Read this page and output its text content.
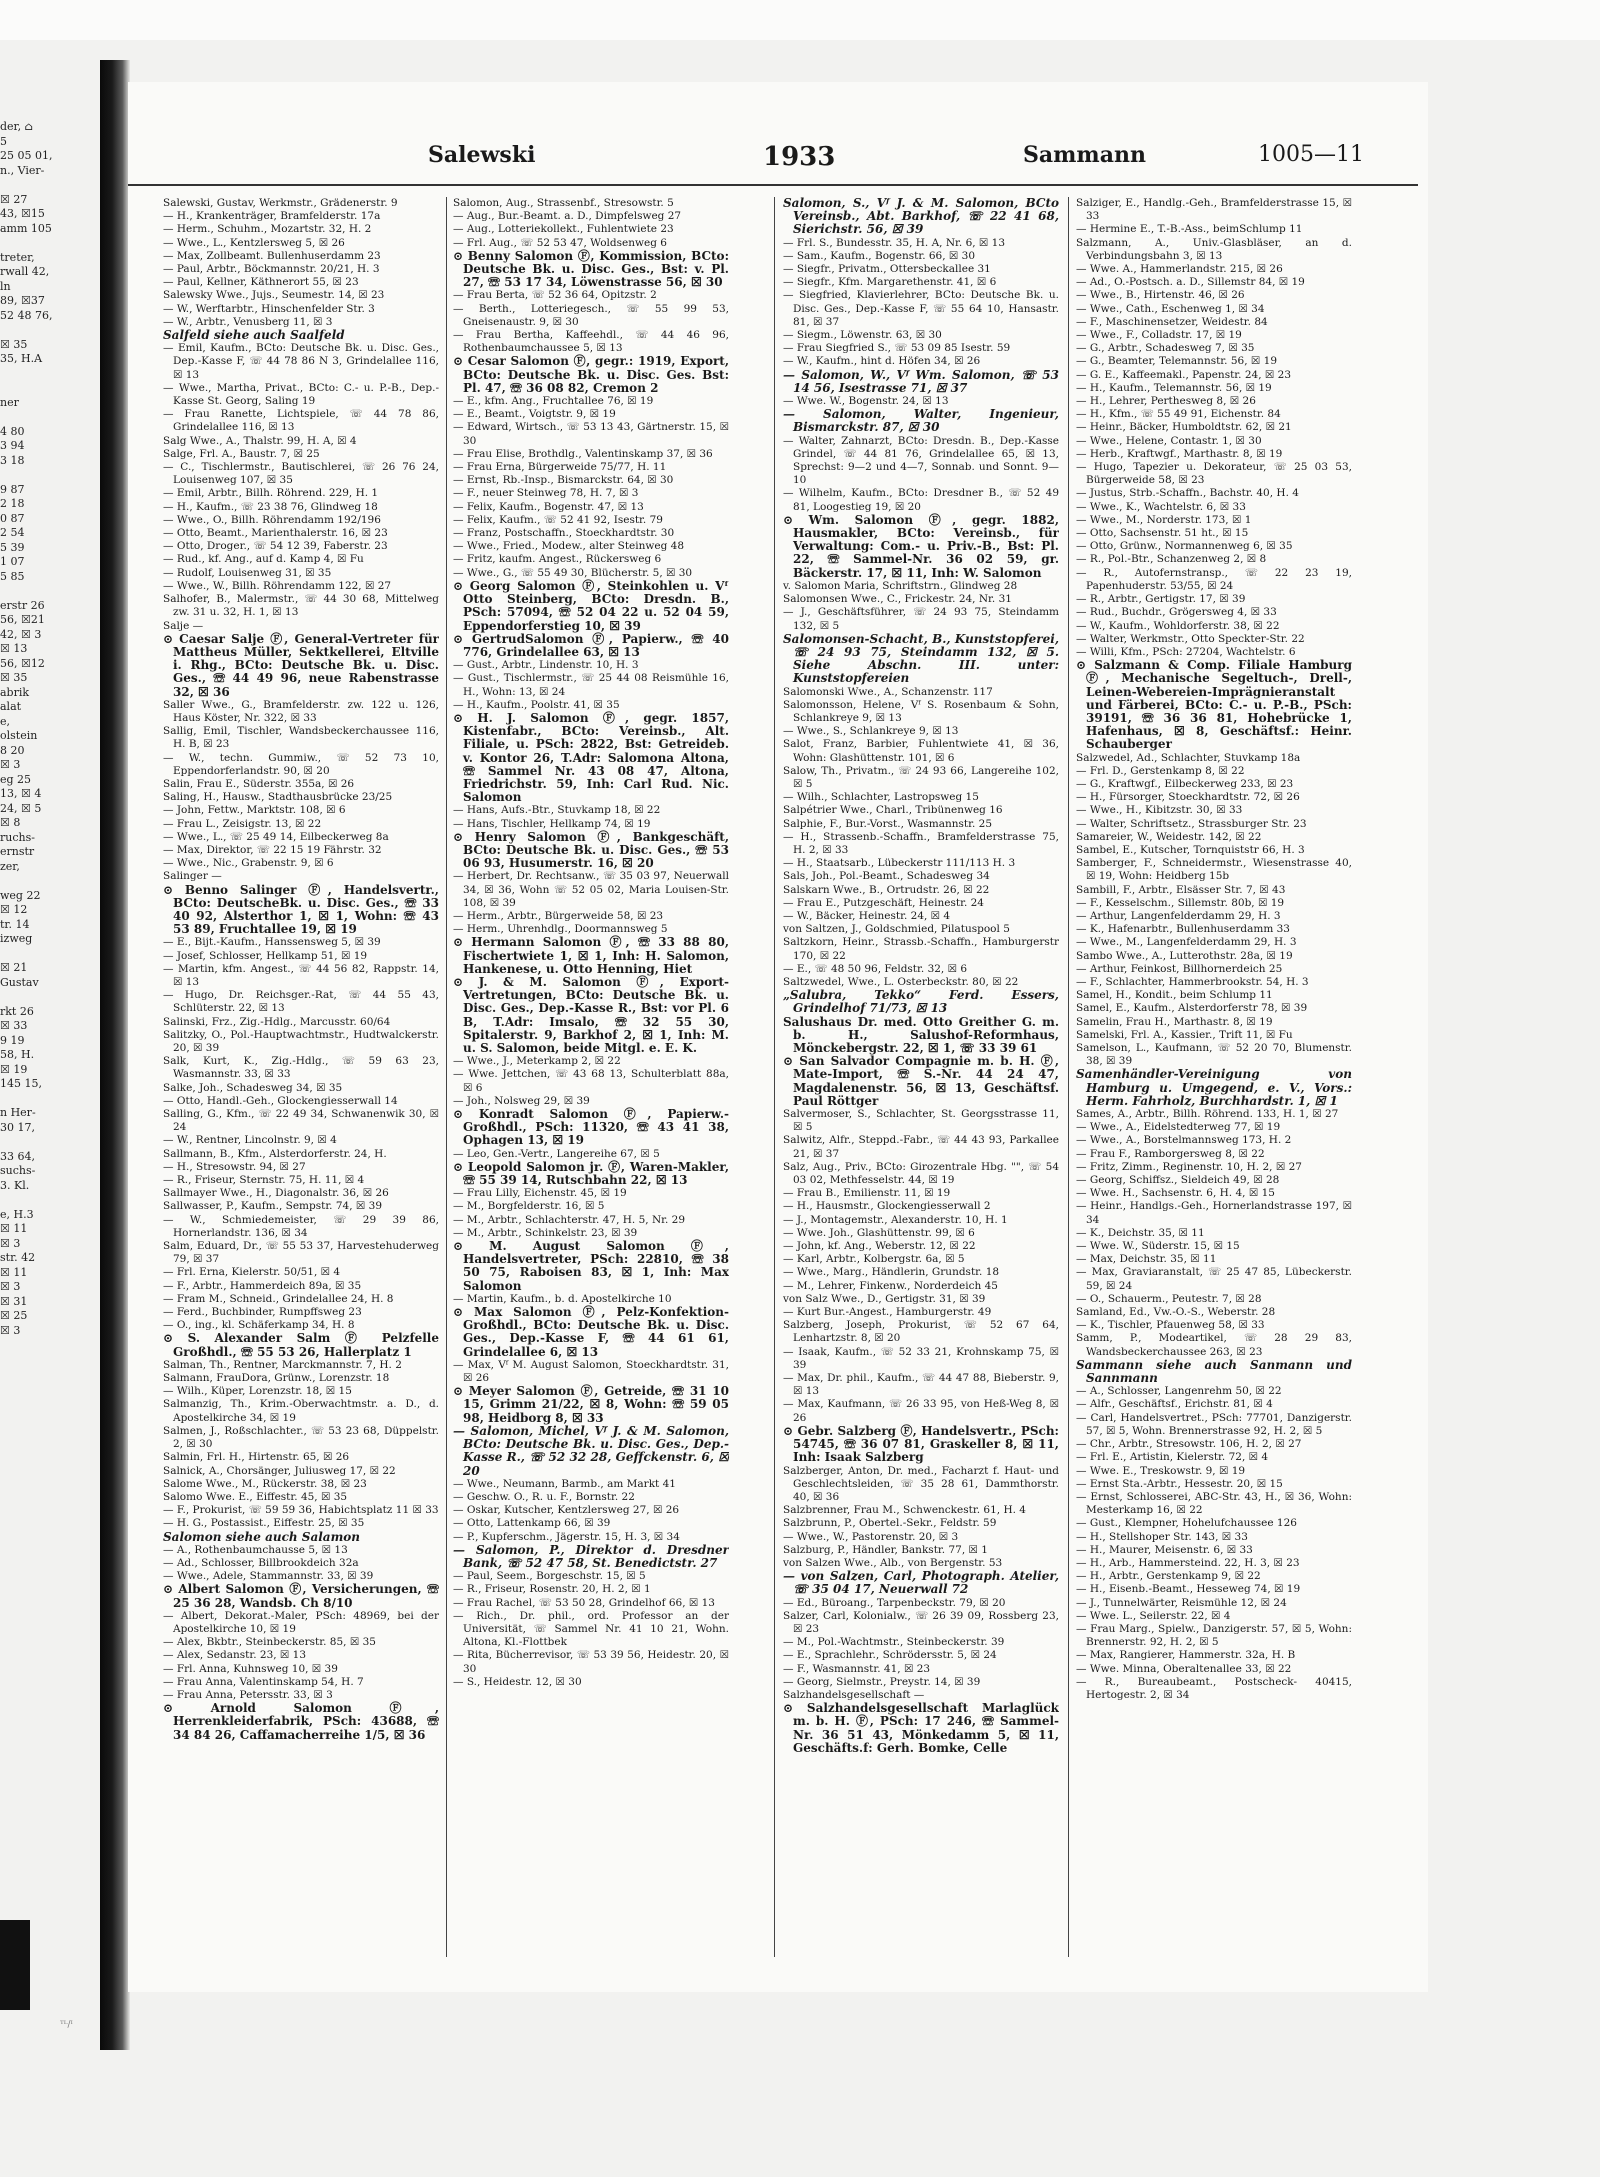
der, ⌂
5
25 05 01,
n., Vier-

☒ 27
43, ☒15
amm 105

treter,
rwall 42,
ln
89, ☒37
52 48 76,

☒ 35
35, H.A

ner

4 80
3 94
3 18

9 87
2 18
0 87
2 54
5 39
1 07
5 85

erstr 26
56, ☒21
42, ☒ 3
☒ 13
56, ☒12
☒ 35
abrik
alat
e,
olstein
8 20
☒ 3
eg 25
13, ☒ 4
24, ☒ 5
☒ 8
ruchs-
ernstr
zer,

weg 22
☒ 12
tr. 14
izweg

☒ 21
Gustav

rkt 26
☒ 33
9 19
58, H.
☒ 19
145 15,

n Her-
30 17,

33 64,
suchs-
3. Kl.

e, H.3
☒ 11
☒ 3
str. 42
☒ 11
☒ 3
☒ 31
☒ 25
☒ 3
Salewski	1933	Sammann	1005—11

Salewski, Gustav, Werkmstr., Grädenerstr. 9

— H., Krankenträger, Bramfelderstr. 17a

— Herm., Schuhm., Mozartstr. 32, H. 2

— Wwe., L., Kentzlersweg 5, ☒ 26

— Max, Zollbeamt. Bullenhuserdamm 23

— Paul, Arbtr., Böckmannstr. 20/21, H. 3

— Paul, Kellner, Käthnerort 55, ☒ 23

Salewsky Wwe., Jujs., Seumestr. 14, ☒ 23

— W., Werftarbtr., Hinschenfelder Str. 3

— W., Arbtr., Venusberg 11, ☒ 3

Salfeld siehe auch Saalfeld

— Emil, Kaufm., BCto: Deutsche Bk. u. Disc. Ges., Dep.-Kasse F, ☏ 44 78 86 N 3, Grindelallee 116, ☒ 13

— Wwe., Martha, Privat., BCto: C.- u. P.-B., Dep.-Kasse St. Georg, Saling 19

— Frau Ranette, Lichtspiele, ☏ 44 78 86, Grindelallee 116, ☒ 13

Salg Wwe., A., Thalstr. 99, H. A, ☒ 4

Salge, Frl. A., Baustr. 7, ☒ 25

— C., Tischlermstr., Bautischlerei, ☏ 26 76 24, Louisenweg 107, ☒ 35

— Emil, Arbtr., Billh. Röhrend. 229, H. 1

— H., Kaufm., ☏ 23 38 76, Glindweg 18

— Wwe., O., Billh. Röhrendamm 192/196

— Otto, Beamt., Marienthalerstr. 16, ☒ 23

— Otto, Droger., ☏ 54 12 39, Faberstr. 23

— Rud., kf. Ang., auf d. Kamp 4, ☒ Fu

— Rudolf, Louisenweg 31, ☒ 35

— Wwe., W., Billh. Röhrendamm 122, ☒ 27

Salhofer, B., Malermstr., ☏ 44 30 68, Mittelweg zw. 31 u. 32, H. 1, ☒ 13

Salje —

⊙ Caesar Salje Ⓕ, General-Vertreter für Mattheus Müller, Sektkellerei, Eltville i. Rhg., BCto: Deutsche Bk. u. Disc. Ges., ☏ 44 49 96, neue Rabenstrasse 32, ☒ 36

Saller Wwe., G., Bramfelderstr. zw. 122 u. 126, Haus Köster, Nr. 322, ☒ 33

Sallig, Emil, Tischler, Wandsbeckerchaussee 116, H. B, ☒ 23

— W., techn. Gummiw., ☏ 52 73 10, Eppendorferlandstr. 90, ☒ 20

Salin, Frau E., Süderstr. 355a, ☒ 26

Saling, H., Hausw., Stadthausbrücke 23/25

— John, Fettw., Marktstr. 108, ☒ 6

— Frau L., Zeisigstr. 13, ☒ 22

— Wwe., L., ☏ 25 49 14, Eilbeckerweg 8a

— Max, Direktor, ☏ 22 15 19 Fährstr. 32

— Wwe., Nic., Grabenstr. 9, ☒ 6

Salinger —

⊙ Benno Salinger Ⓕ, Handelsvertr., BCto: DeutscheBk. u. Disc. Ges., ☏ 33 40 92, Alsterthor 1, ☒ 1, Wohn: ☏ 43 53 89, Fruchtallee 19, ☒ 19

— E., Bijt.-Kaufm., Hanssensweg 5, ☒ 39

— Josef, Schlosser, Hellkamp 51, ☒ 19

— Martin, kfm. Angest., ☏ 44 56 82, Rappstr. 14, ☒ 13

— Hugo, Dr. Reichsger.-Rat, ☏ 44 55 43, Schlüterstr. 22, ☒ 13

Salinski, Frz., Zig.-Hdlg., Marcusstr. 60/64

Salitzky, O., Pol.-Hauptwachtmstr., Hudtwalckerstr. 20, ☒ 39

Salk, Kurt, K., Zig.-Hdlg., ☏ 59 63 23, Wasmannstr. 33, ☒ 33

Salke, Joh., Schadesweg 34, ☒ 35

— Otto, Handl.-Geh., Glockengiesserwall 14

Salling, G., Kfm., ☏ 22 49 34, Schwanenwik 30, ☒ 24

— W., Rentner, Lincolnstr. 9, ☒ 4

Sallmann, B., Kfm., Alsterdorferstr. 24, H.

— H., Stresowstr. 94, ☒ 27

— R., Friseur, Sternstr. 75, H. 11, ☒ 4

Sallmayer Wwe., H., Diagonalstr. 36, ☒ 26

Sallwasser, P., Kaufm., Sempstr. 74, ☒ 39

— W., Schmiedemeister, ☏ 29 39 86, Hornerlandstr. 136, ☒ 34

Salm, Eduard, Dr., ☏ 55 53 37, Harvestehuderweg 79, ☒ 37

— Frl. Erna, Kielerstr. 50/51, ☒ 4

— F., Arbtr., Hammerdeich 89a, ☒ 35

— Fram M., Schneid., Grindelallee 24, H. 8

— Ferd., Buchbinder, Rumpffsweg 23

— O., ing., kl. Schäferkamp 34, H. 8

⊙ S. Alexander Salm Ⓕ Pelzfelle Großhdl., ☏ 55 53 26, Hallerplatz 1

Salman, Th., Rentner, Marckmannstr. 7, H. 2

Salmann, FrauDora, Grünw., Lorenzstr. 18

— Wilh., Küper, Lorenzstr. 18, ☒ 15

Salmanzig, Th., Krim.-Oberwachtmstr. a. D., d. Apostelkirche 34, ☒ 19

Salmen, J., Roßschlachter., ☏ 53 23 68, Düppelstr. 2, ☒ 30

Salmin, Frl. H., Hirtenstr. 65, ☒ 26

Salnick, A., Chorsänger, Juliusweg 17, ☒ 22

Salome Wwe., M., Rückerstr. 38, ☒ 23

Salomo Wwe. E., Eiffestr. 45, ☒ 35

— F., Prokurist, ☏ 59 59 36, Habichtsplatz 11 ☒ 33

— H. G., Postassist., Eiffestr. 25, ☒ 35

Salomon siehe auch Salamon

— A., Rothenbaumchausse 5, ☒ 13

— Ad., Schlosser, Billbrookdeich 32a

— Wwe., Adele, Stammannstr. 33, ☒ 39

⊙ Albert Salomon Ⓕ, Versicherungen, ☏ 25 36 28, Wandsb. Ch 8/10

— Albert, Dekorat.-Maler, PSch: 48969, bei der Apostelkirche 10, ☒ 19

— Alex, Bkbtr., Steinbeckerstr. 85, ☒ 35

— Alex, Sedanstr. 23, ☒ 13

— Frl. Anna, Kuhnsweg 10, ☒ 39

— Frau Anna, Valentinskamp 54, H. 7

— Frau Anna, Petersstr. 33, ☒ 3

⊙ Arnold Salomon Ⓕ, Herrenkleiderfabrik, PSch: 43688, ☏ 34 84 26, Caffamacherreihe 1/5, ☒ 36

Salomon, Aug., Strassenbf., Stresowstr. 5

— Aug., Bur.-Beamt. a. D., Dimpfelsweg 27

— Aug., Lotteriekollekt., Fuhlentwiete 23

— Frl. Aug., ☏ 52 53 47, Woldsenweg 6

⊙ Benny Salomon Ⓕ, Kommission, BCto: Deutsche Bk. u. Disc. Ges., Bst: v. Pl. 27, ☏ 53 17 34, Löwenstrasse 56, ☒ 30

— Frau Berta, ☏ 52 36 64, Opitzstr. 2

— Berth., Lotteriegesch., ☏ 55 99 53, Gneisenaustr. 9, ☒ 30

— Frau Bertha, Kaffeehdl., ☏ 44 46 96, Rothenbaumchaussee 5, ☒ 13

⊙ Cesar Salomon Ⓕ, gegr.: 1919, Export, BCto: Deutsche Bk. u. Disc. Ges. Bst: Pl. 47, ☏ 36 08 82, Cremon 2

— E., kfm. Ang., Fruchtallee 76, ☒ 19

— E., Beamt., Voigtstr. 9, ☒ 19

— Edward, Wirtsch., ☏ 53 13 43, Gärtnerstr. 15, ☒ 30

— Frau Elise, Brothdlg., Valentinskamp 37, ☒ 36

— Frau Erna, Bürgerweide 75/77, H. 11

— Ernst, Rb.-Insp., Bismarckstr. 64, ☒ 30

— F., neuer Steinweg 78, H. 7, ☒ 3

— Felix, Kaufm., Bogenstr. 47, ☒ 13

— Felix, Kaufm., ☏ 52 41 92, Isestr. 79

— Franz, Postschaffn., Stoeckhardtstr. 30

— Wwe., Fried., Modew., alter Steinweg 48

— Fritz, kaufm. Angest., Rückersweg 6

— Wwe., G., ☏ 55 49 30, Blücherstr. 5, ☒ 30

⊙ Georg Salomon Ⓕ, Steinkohlen u. Vᶠ Otto Steinberg, BCto: Dresdn. B., PSch: 57094, ☏ 52 04 22 u. 52 04 59, Eppendorferstieg 10, ☒ 39

⊙ GertrudSalomon Ⓕ, Papierw., ☏ 40 776, Grindelallee 63, ☒ 13

— Gust., Arbtr., Lindenstr. 10, H. 3

— Gust., Tischlermstr., ☏ 25 44 08 Reismühle 16, H., Wohn: 13, ☒ 24

— H., Kaufm., Poolstr. 41, ☒ 35

⊙ H. J. Salomon Ⓕ, gegr. 1857, Kistenfabr., BCto: Vereinsb., Alt. Filiale, u. PSch: 2822, Bst: Getreideb. v. Kontor 26, T.Adr: Salomona Altona, ☏ Sammel Nr. 43 08 47, Altona, Friedrichstr. 59, Inh: Carl Rud. Nic. Salomon

— Hans, Aufs.-Btr., Stuvkamp 18, ☒ 22

— Hans, Tischler, Hellkamp 74, ☒ 19

⊙ Henry Salomon Ⓕ, Bankgeschäft, BCto: Deutsche Bk. u. Disc. Ges., ☏ 53 06 93, Husumerstr. 16, ☒ 20

— Herbert, Dr. Rechtsanw., ☏ 35 03 97, Neuerwall 34, ☒ 36, Wohn ☏ 52 05 02, Maria Louisen-Str. 108, ☒ 39

— Herm., Arbtr., Bürgerweide 58, ☒ 23

— Herm., Uhrenhdlg., Doormannsweg 5

⊙ Hermann Salomon Ⓕ, ☏ 33 88 80, Fischertwiete 1, ☒ 1, Inh: H. Salomon, Hankenese, u. Otto Henning, Hiet

⊙ J. & M. Salomon Ⓕ, Export-Vertretungen, BCto: Deutsche Bk. u. Disc. Ges., Dep.-Kasse R., Bst: vor Pl. 6 B, T.Adr: Imsalo, ☏ 32 55 30, Spitalerstr. 9, Barkhof 2, ☒ 1, Inh: M. u. S. Salomon, beide Mitgl. e. E. K.

— Wwe., J., Meterkamp 2, ☒ 22

— Wwe. Jettchen, ☏ 43 68 13, Schulterblatt 88a, ☒ 6

— Joh., Nolsweg 29, ☒ 39

⊙ Konradt Salomon Ⓕ, Papierw.-Großhdl., PSch: 11320, ☏ 43 41 38, Ophagen 13, ☒ 19

— Leo, Gen.-Vertr., Langereihe 67, ☒ 5

⊙ Leopold Salomon jr. Ⓕ, Waren-Makler, ☏ 55 39 14, Rutschbahn 22, ☒ 13

— Frau Lilly, Eichenstr. 45, ☒ 19

— M., Borgfelderstr. 16, ☒ 5

— M., Arbtr., Schlachterstr. 47, H. 5, Nr. 29

— M., Arbtr., Schinkelstr. 23, ☒ 39

⊙ M. August Salomon Ⓕ, Handelsvertreter, PSch: 22810, ☏ 38 50 75, Raboisen 83, ☒ 1, Inh: Max Salomon

— Martin, Kaufm., b. d. Apostelkirche 10

⊙ Max Salomon Ⓕ, Pelz-Konfektion-Großhdl., BCto: Deutsche Bk. u. Disc. Ges., Dep.-Kasse F, ☏ 44 61 61, Grindelallee 6, ☒ 13

— Max, Vᶠ M. August Salomon, Stoeckhardtstr. 31, ☒ 26

⊙ Meyer Salomon Ⓕ, Getreide, ☏ 31 10 15, Grimm 21/22, ☒ 8, Wohn: ☏ 59 05 98, Heidborg 8, ☒ 33

— Salomon, Michel, Vᶠ J. & M. Salomon, BCto: Deutsche Bk. u. Disc. Ges., Dep.-Kasse R., ☏ 52 32 28, Geffckenstr. 6, ☒ 20

— Wwe., Neumann, Barmb., am Markt 41

— Geschw. O., R. u. F., Bornstr. 22

— Oskar, Kutscher, Kentzlersweg 27, ☒ 26

— Otto, Lattenkamp 66, ☒ 39

— P., Kupferschm., Jägerstr. 15, H. 3, ☒ 34

— Salomon, P., Direktor d. Dresdner Bank, ☏ 52 47 58, St. Benedictstr. 27

— Paul, Seem., Borgeschstr. 15, ☒ 5

— R., Friseur, Rosenstr. 20, H. 2, ☒ 1

— Frau Rachel, ☏ 53 50 28, Grindelhof 66, ☒ 13

— Rich., Dr. phil., ord. Professor an der Universität, ☏ Sammel Nr. 41 10 21, Wohn. Altona, Kl.-Flottbek

— Rita, Bücherrevisor, ☏ 53 39 56, Heidestr. 20, ☒ 30

— S., Heidestr. 12, ☒ 30

Salomon, S., Vᶠ J. & M. Salomon, BCto Vereinsb., Abt. Barkhof, ☏ 22 41 68, Sierichstr. 56, ☒ 39

— Frl. S., Bundesstr. 35, H. A, Nr. 6, ☒ 13

— Sam., Kaufm., Bogenstr. 66, ☒ 30

— Siegfr., Privatm., Ottersbeckallee 31

— Siegfr., Kfm. Margarethenstr. 41, ☒ 6

— Siegfried, Klavierlehrer, BCto: Deutsche Bk. u. Disc. Ges., Dep.-Kasse F, ☏ 55 64 10, Hansastr. 81, ☒ 37

— Siegm., Löwenstr. 63, ☒ 30

— Frau Siegfried S., ☏ 53 09 85 Isestr. 59

— W., Kaufm., hint d. Höfen 34, ☒ 26

— Salomon, W., Vᶠ Wm. Salomon, ☏ 53 14 56, Isestrasse 71, ☒ 37

— Wwe. W., Bogenstr. 24, ☒ 13

— Salomon, Walter, Ingenieur, Bismarckstr. 87, ☒ 30

— Walter, Zahnarzt, BCto: Dresdn. B., Dep.-Kasse Grindel, ☏ 44 81 76, Grindelallee 65, ☒ 13, Sprechst: 9—2 und 4—7, Sonnab. und Sonnt. 9—10

— Wilhelm, Kaufm., BCto: Dresdner B., ☏ 52 49 81, Loogestieg 19, ☒ 20

⊙ Wm. Salomon Ⓕ, gegr. 1882, Hausmakler, BCto: Vereinsb., für Verwaltung: Com.- u. Priv.-B., Bst: Pl. 22, ☏ Sammel-Nr. 36 02 59, gr. Bäckerstr. 17, ☒ 11, Inh: W. Salomon

v. Salomon Maria, Schriftstrn., Glindweg 28

Salomonsen Wwe., C., Frickestr. 24, Nr. 31

— J., Geschäftsführer, ☏ 24 93 75, Steindamm 132, ☒ 5

Salomonsen-Schacht, B., Kunststopferei, ☏ 24 93 75, Steindamm 132, ☒ 5. Siehe Abschn. III. unter: Kunststopfereien

Salomonski Wwe., A., Schanzenstr. 117

Salomonsson, Helene, Vᶠ S. Rosenbaum & Sohn, Schlankreye 9, ☒ 13

— Wwe., S., Schlankreye 9, ☒ 13

Salot, Franz, Barbier, Fuhlentwiete 41, ☒ 36, Wohn: Glashüttenstr. 101, ☒ 6

Salow, Th., Privatm., ☏ 24 93 66, Langereihe 102, ☒ 5

— Wilh., Schlachter, Lastropsweg 15

Salpétrier Wwe., Charl., Tribünenweg 16

Salphie, F., Bur.-Vorst., Wasmannstr. 25

— H., Strassenb.-Schaffn., Bramfelderstrasse 75, H. 2, ☒ 33

— H., Staatsarb., Lübeckerstr 111/113 H. 3

Sals, Joh., Pol.-Beamt., Schadesweg 34

Salskarn Wwe., B., Ortrudstr. 26, ☒ 22

— Frau E., Putzgeschäft, Heinestr. 24

— W., Bäcker, Heinestr. 24, ☒ 4

von Saltzen, J., Goldschmied, Pilatuspool 5

Saltzkorn, Heinr., Strassb.-Schaffn., Hamburgerstr 170, ☒ 22

— E., ☏ 48 50 96, Feldstr. 32, ☒ 6

Saltzwedel, Wwe., L. Osterbeckstr. 80, ☒ 22

„Salubra, Tekko“ Ferd. Essers, Grindelhof 71/73, ☒ 13

Salushaus Dr. med. Otto Greither G. m. b. H., Salushof-Reformhaus, Mönckebergstr. 22, ☒ 1, ☏ 33 39 61

⊙ San Salvador Compagnie m. b. H. Ⓕ, Mate-Import, ☏ S.-Nr. 44 24 47, Magdalenenstr. 56, ☒ 13, Geschäftsf. Paul Röttger

Salvermoser, S., Schlachter, St. Georgsstrasse 11, ☒ 5

Salwitz, Alfr., Steppd.-Fabr., ☏ 44 43 93, Parkallee 21, ☒ 37

Salz, Aug., Priv., BCto: Girozentrale Hbg. "", ☏ 54 03 02, Methfesselstr. 44, ☒ 19

— Frau B., Emilienstr. 11, ☒ 19

— H., Hausmstr., Glockengiesserwall 2

— J., Montagemstr., Alexanderstr. 10, H. 1

— Wwe. Joh., Glashüttenstr. 99, ☒ 6

— John, kf. Ang., Weberstr. 12, ☒ 22

— Karl, Arbtr., Kolbergstr. 6a, ☒ 5

— Wwe., Marg., Händlerin, Grundstr. 18

— M., Lehrer, Finkenw., Norderdeich 45

von Salz Wwe., D., Gertigstr. 31, ☒ 39

— Kurt Bur.-Angest., Hamburgerstr. 49

Salzberg, Joseph, Prokurist, ☏ 52 67 64, Lenhartzstr. 8, ☒ 20

— Isaak, Kaufm., ☏ 52 33 21, Krohnskamp 75, ☒ 39

— Max, Dr. phil., Kaufm., ☏ 44 47 88, Bieberstr. 9, ☒ 13

— Max, Kaufmann, ☏ 26 33 95, von Heß-Weg 8, ☒ 26

⊙ Gebr. Salzberg Ⓕ, Handelsvertr., PSch: 54745, ☏ 36 07 81, Graskeller 8, ☒ 11, Inh: Isaak Salzberg

Salzberger, Anton, Dr. med., Facharzt f. Haut- und Geschlechtsleiden, ☏ 35 28 61, Dammthorstr. 40, ☒ 36

Salzbrenner, Frau M., Schwenckestr. 61, H. 4

Salzbrunn, P., Obertel.-Sekr., Feldstr. 59

— Wwe., W., Pastorenstr. 20, ☒ 3

Salzburg, P., Händler, Bankstr. 77, ☒ 1

von Salzen Wwe., Alb., von Bergenstr. 53

— von Salzen, Carl, Photograph. Atelier, ☏ 35 04 17, Neuerwall 72

— Ed., Büroang., Tarpenbeckstr. 79, ☒ 20

Salzer, Carl, Kolonialw., ☏ 26 39 09, Rossberg 23, ☒ 23

— M., Pol.-Wachtmstr., Steinbeckerstr. 39

— E., Sprachlehr., Schrödersstr. 5, ☒ 24

— F., Wasmannstr. 41, ☒ 23

— Georg, Sielmstr., Preystr. 14, ☒ 39

Salzhandelsgesellschaft —

⊙ Salzhandelsgesellschaft Marlaglück m. b. H. Ⓕ, PSch: 17 246, ☏ Sammel-Nr. 36 51 43, Mönkedamm 5, ☒ 11, Geschäfts.f: Gerh. Bomke, Celle

Salziger, E., Handlg.-Geh., Bramfelderstrasse 15, ☒ 33

— Hermine E., T.-B.-Ass., beimSchlump 11

Salzmann, A., Univ.-Glasbläser, an d. Verbindungsbahn 3, ☒ 13

— Wwe. A., Hammerlandstr. 215, ☒ 26

— Ad., O.-Postsch. a. D., Sillemstr 84, ☒ 19

— Wwe., B., Hirtenstr. 46, ☒ 26

— Wwe., Cath., Eschenweg 1, ☒ 34

— F., Maschinensetzer, Weidestr. 84

— Wwe., F., Colladstr. 17, ☒ 19

— G., Arbtr., Schadesweg 7, ☒ 35

— G., Beamter, Telemannstr. 56, ☒ 19

— G. E., Kaffeemakl., Papenstr. 24, ☒ 23

— H., Kaufm., Telemannstr. 56, ☒ 19

— H., Lehrer, Perthesweg 8, ☒ 26

— H., Kfm., ☏ 55 49 91, Eichenstr. 84

— Heinr., Bäcker, Humboldtstr. 62, ☒ 21

— Wwe., Helene, Contastr. 1, ☒ 30

— Herb., Kraftwgf., Marthastr. 8, ☒ 19

— Hugo, Tapezier u. Dekorateur, ☏ 25 03 53, Bürgerweide 58, ☒ 23

— Justus, Strb.-Schaffn., Bachstr. 40, H. 4

— Wwe., K., Wachtelstr. 6, ☒ 33

— Wwe., M., Norderstr. 173, ☒ 1

— Otto, Sachsenstr. 51 ht., ☒ 15

— Otto, Grünw., Normannenweg 6, ☒ 35

— R., Pol.-Btr., Schanzenweg 2, ☒ 8

— R., Autofernstransp., ☏ 22 23 19, Papenhuderstr. 53/55, ☒ 24

— R., Arbtr., Gertigstr. 17, ☒ 39

— Rud., Buchdr., Grögersweg 4, ☒ 33

— W., Kaufm., Wohldorferstr. 38, ☒ 22

— Walter, Werkmstr., Otto Speckter-Str. 22

— Willi, Kfm., PSch: 27204, Wachtelstr. 6

⊙ Salzmann & Comp. Filiale Hamburg Ⓕ, Mechanische Segeltuch-, Drell-, Leinen-Webereien-Imprägnieranstalt und Färberei, BCto: C.- u. P.-B., PSch: 39191, ☏ 36 36 81, Hohebrücke 1, Hafenhaus, ☒ 8, Geschäftsf.: Heinr. Schauberger

Salzwedel, Ad., Schlachter, Stuvkamp 18a

— Frl. D., Gerstenkamp 8, ☒ 22

— G., Kraftwgf., Eilbeckerweg 233, ☒ 23

— H., Fürsorger, Stoeckhardtstr. 72, ☒ 26

— Wwe., H., Kibitzstr. 30, ☒ 33

— Walter, Schriftsetz., Strassburger Str. 23

Samareier, W., Weidestr. 142, ☒ 22

Sambel, E., Kutscher, Tornquiststr 66, H. 3

Samberger, F., Schneidermstr., Wiesenstrasse 40, ☒ 19, Wohn: Heidberg 15b

Sambill, F., Arbtr., Elsässer Str. 7, ☒ 43

— F., Kesselschm., Sillemstr. 80b, ☒ 19

— Arthur, Langenfelderdamm 29, H. 3

— K., Hafenarbtr., Bullenhuserdamm 33

— Wwe., M., Langenfelderdamm 29, H. 3

Sambo Wwe., A., Lutterothstr. 28a, ☒ 19

— Arthur, Feinkost, Billhornerdeich 25

— F., Schlachter, Hammerbrookstr. 54, H. 3

Samel, H., Kondit., beim Schlump 11

Samel, E., Kaufm., Alsterdorferstr 78, ☒ 39

Samelin, Frau H., Marthastr. 8, ☒ 19

Samelski, Frl. A., Kassier., Trift 11, ☒ Fu

Samelson, L., Kaufmann, ☏ 52 20 70, Blumenstr. 38, ☒ 39

Samenhändler-Vereinigung von Hamburg u. Umgegend, e. V., Vors.: Herm. Fahrholz, Burchhardstr. 1, ☒ 1

Sames, A., Arbtr., Billh. Röhrend. 133, H. 1, ☒ 27

— Wwe., A., Eidelstedterweg 77, ☒ 19

— Wwe., A., Borstelmannsweg 173, H. 2

— Frau F., Ramborgersweg 8, ☒ 22

— Fritz, Zimm., Reginenstr. 10, H. 2, ☒ 27

— Georg, Schiffsz., Sieldeich 49, ☒ 28

— Wwe. H., Sachsenstr. 6, H. 4, ☒ 15

— Heinr., Handlgs.-Geh., Hornerlandstrasse 197, ☒ 34

— K., Deichstr. 35, ☒ 11

— Wwe. W., Süderstr. 15, ☒ 15

— Max, Deichstr. 35, ☒ 11

— Max, Graviaranstalt, ☏ 25 47 85, Lübeckerstr. 59, ☒ 24

— O., Schauerm., Peutestr. 7, ☒ 28

Samland, Ed., Vw.-O.-S., Weberstr. 28

— K., Tischler, Pfauenweg 58, ☒ 33

Samm, P., Modeartikel, ☏ 28 29 83, Wandsbeckerchaussee 263, ☒ 23

Sammann siehe auch Sanmann und Sannmann

— A., Schlosser, Langenrehm 50, ☒ 22

— Alfr., Geschäftsf., Erichstr. 81, ☒ 4

— Carl, Handelsvertret., PSch: 77701, Danzigerstr. 57, ☒ 5, Wohn. Brennerstrasse 92, H. 2, ☒ 5

— Chr., Arbtr., Stresowstr. 106, H. 2, ☒ 27

— Frl. E., Artistin, Kielerstr. 72, ☒ 4

— Wwe. E., Treskowstr. 9, ☒ 19

— Ernst Sta.-Arbtr., Hessestr. 20, ☒ 15

— Ernst, Schlosserei, ABC-Str. 43, H., ☒ 36, Wohn: Mesterkamp 16, ☒ 22

— Gust., Klempner, Hohelufchaussee 126

— H., Stellshoper Str. 143, ☒ 33

— H., Maurer, Meisenstr. 6, ☒ 33

— H., Arb., Hammersteind. 22, H. 3, ☒ 23

— H., Arbtr., Gerstenkamp 9, ☒ 22

— H., Eisenb.-Beamt., Hesseweg 74, ☒ 19

— J., Tunnelwärter, Reismühle 12, ☒ 24

— Wwe. L., Seilerstr. 22, ☒ 4

— Frau Marg., Spielw., Danzigerstr. 57, ☒ 5, Wohn: Brennerstr. 92, H. 2, ☒ 5

— Max, Rangierer, Hammerstr. 32a, H. B

— Wwe. Minna, Oberaltenallee 33, ☒ 22

— R., Bureaubeamt., Postscheck- 40415, Hertogestr. 2, ☒ 34

ᵀᴸ/ᴵ
